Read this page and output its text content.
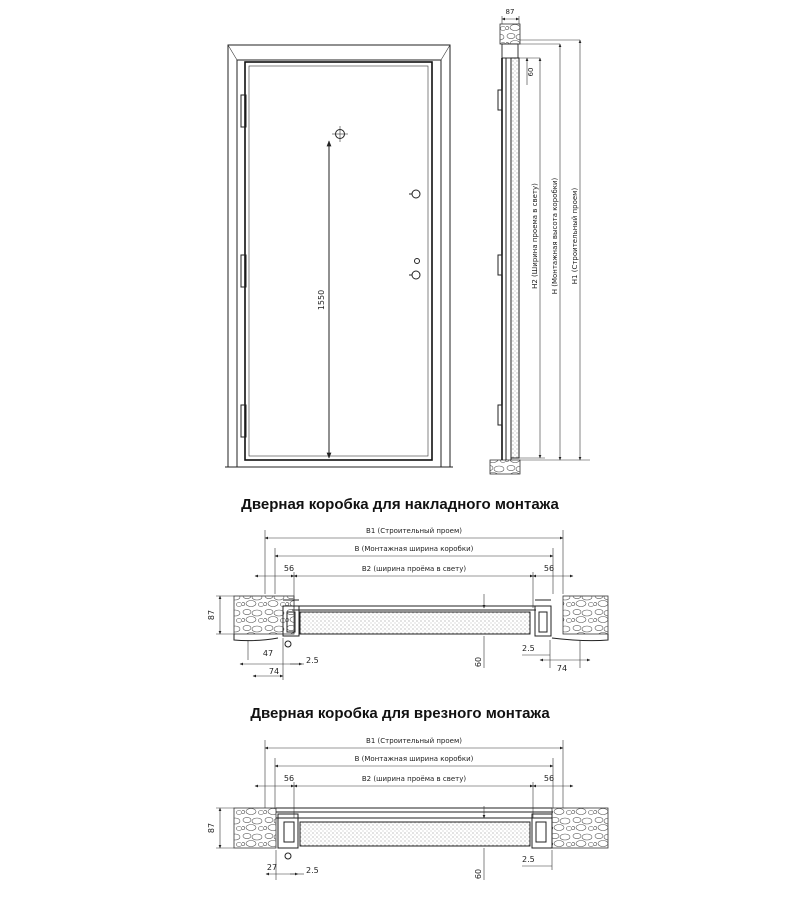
1550
87
60
H2 (Ширина проема в свету) H (Монтажная высота коробки) H1 (Строительный проем)
Дверная коробка для накладного монтажа
B1 (Строительный проем)
B (Монтажная ширина коробки)
B2 (ширина проёма в свету)
56	56
87
47
74
2.5	60
2.5
74
Дверная коробка для врезного монтажа
B1 (Строительный проем)
B (Монтажная ширина коробки)
B2 (ширина проёма в свету)
56	56
87
27	2.5	60
2.5
